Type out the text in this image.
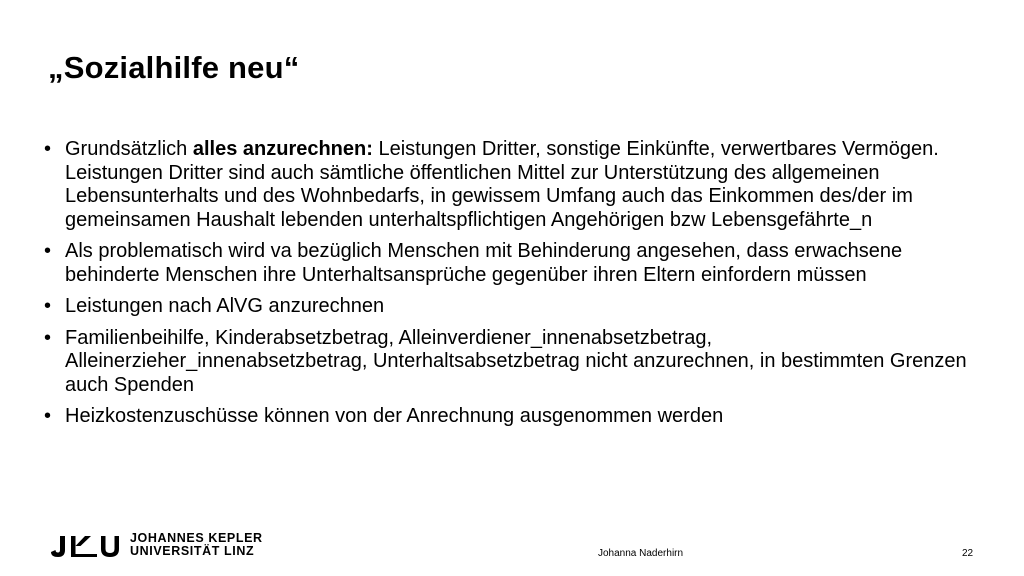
„Sozialhilfe neu“
• Grundsätzlich alles anzurechnen: Leistungen Dritter, sonstige Einkünfte, verwertbares Vermögen. Leistungen Dritter sind auch sämtliche öffentlichen Mittel zur Unterstützung des allgemeinen Lebensunterhalts und des Wohnbedarfs, in gewissem Umfang auch das Einkommen des/der im gemeinsamen Haushalt lebenden unterhaltspflichtigen Angehörigen bzw Lebensgefährte_n
• Als problematisch wird va bezüglich Menschen mit Behinderung angesehen, dass erwachsene behinderte Menschen ihre Unterhaltsansprüche gegenüber ihren Eltern einfordern müssen
• Leistungen nach AlVG anzurechnen
• Familienbeihilfe, Kinderabsetzbetrag, Alleinverdiener_innenabsetzbetrag, Alleinerzieher_innenabsetzbetrag, Unterhaltsabsetzbetrag nicht anzurechnen, in bestimmten Grenzen auch Spenden
• Heizkostenzuschüsse können von der Anrechnung ausgenommen werden
JOHANNES KEPLER
UNIVERSITÄT LINZ	Johanna Naderhirn	22
